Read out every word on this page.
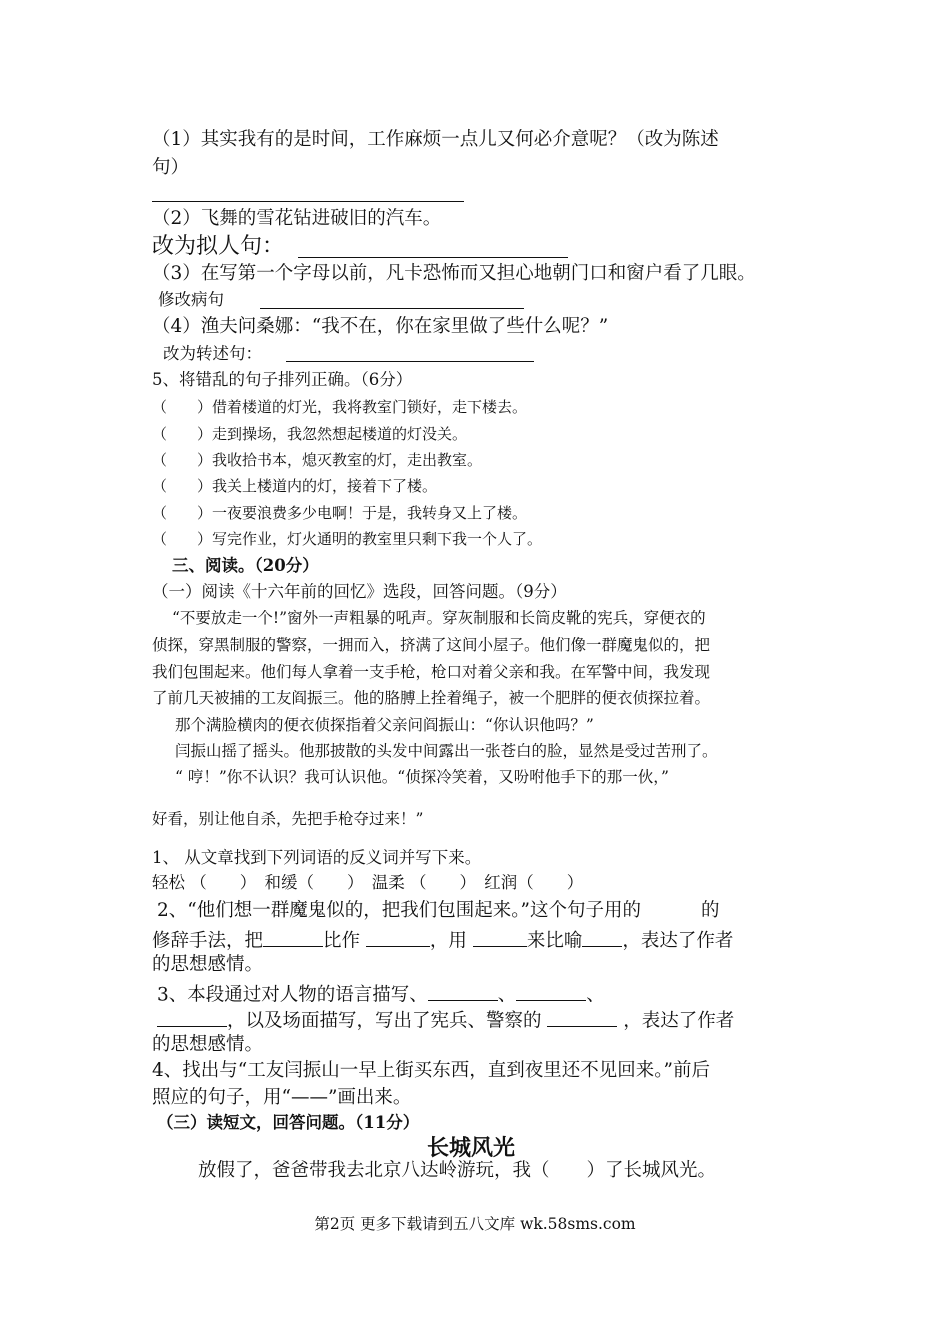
（1）其实我有的是时间，工作麻烦一点儿又何必介意呢？（改为陈述
句）
（2）飞舞的雪花钻进破旧的汽车。
改为拟人句：
（3）在写第一个字母以前，凡卡恐怖而又担心地朝门口和窗户看了几眼。
修改病句
（4）渔夫问桑娜：“我不在，你在家里做了些什么呢？”
改为转述句：
5、将错乱的句子排列正确。（6分）
（　　）借着楼道的灯光，我将教室门锁好，走下楼去。
（　　）走到操场，我忽然想起楼道的灯没关。
（　　）我收拾书本，熄灭教室的灯，走出教室。
（　　）我关上楼道内的灯，接着下了楼。
（　　）一夜要浪费多少电啊！于是，我转身又上了楼。
（　　）写完作业，灯火通明的教室里只剩下我一个人了。
三、阅读。（20分）
（一）阅读《十六年前的回忆》选段，回答问题。（9分）
“不要放走一个!”窗外一声粗暴的吼声。穿灰制服和长筒皮靴的宪兵，穿便衣的
侦探，穿黑制服的警察，一拥而入，挤满了这间小屋子。他们像一群魔鬼似的，把
我们包围起来。他们每人拿着一支手枪，枪口对着父亲和我。在军警中间，我发现
了前几天被捕的工友阎振三。他的胳膊上拴着绳子，被一个肥胖的便衣侦探拉着。
那个满脸横肉的便衣侦探指着父亲问阎振山：“你认识他吗？”
闫振山摇了摇头。他那披散的头发中间露出一张苍白的脸，显然是受过苦刑了。
“ 哼！”你不认识？我可认识他。“侦探冷笑着，又吩咐他手下的那一伙，”
好看，别让他自杀，先把手枪夺过来！”
1、 从文章找到下列词语的反义词并写下来。
轻松 （　　）　和缓（　　）　温柔 （　　）　红润（　　）
2、“他们想一群魔鬼似的，把我们包围起来。”这个句子用的	的
修辞手法，把	比作	，用	来比喻 ，表达了作者
的思想感情。
3、本段通过对人物的语言描写、	、	、
，以及场面描写，写出了宪兵、警察的	，表达了作者
的思想感情。
4、找出与“工友闫振山一早上街买东西，直到夜里还不见回来。”前后
照应的句子，用“——”画出来。
（三）读短文，回答问题。（11分）
长城风光
放假了，爸爸带我去北京八达岭游玩，我（　　）了长城风光。
第2页 更多下载请到五八文库 wk.58sms.com
